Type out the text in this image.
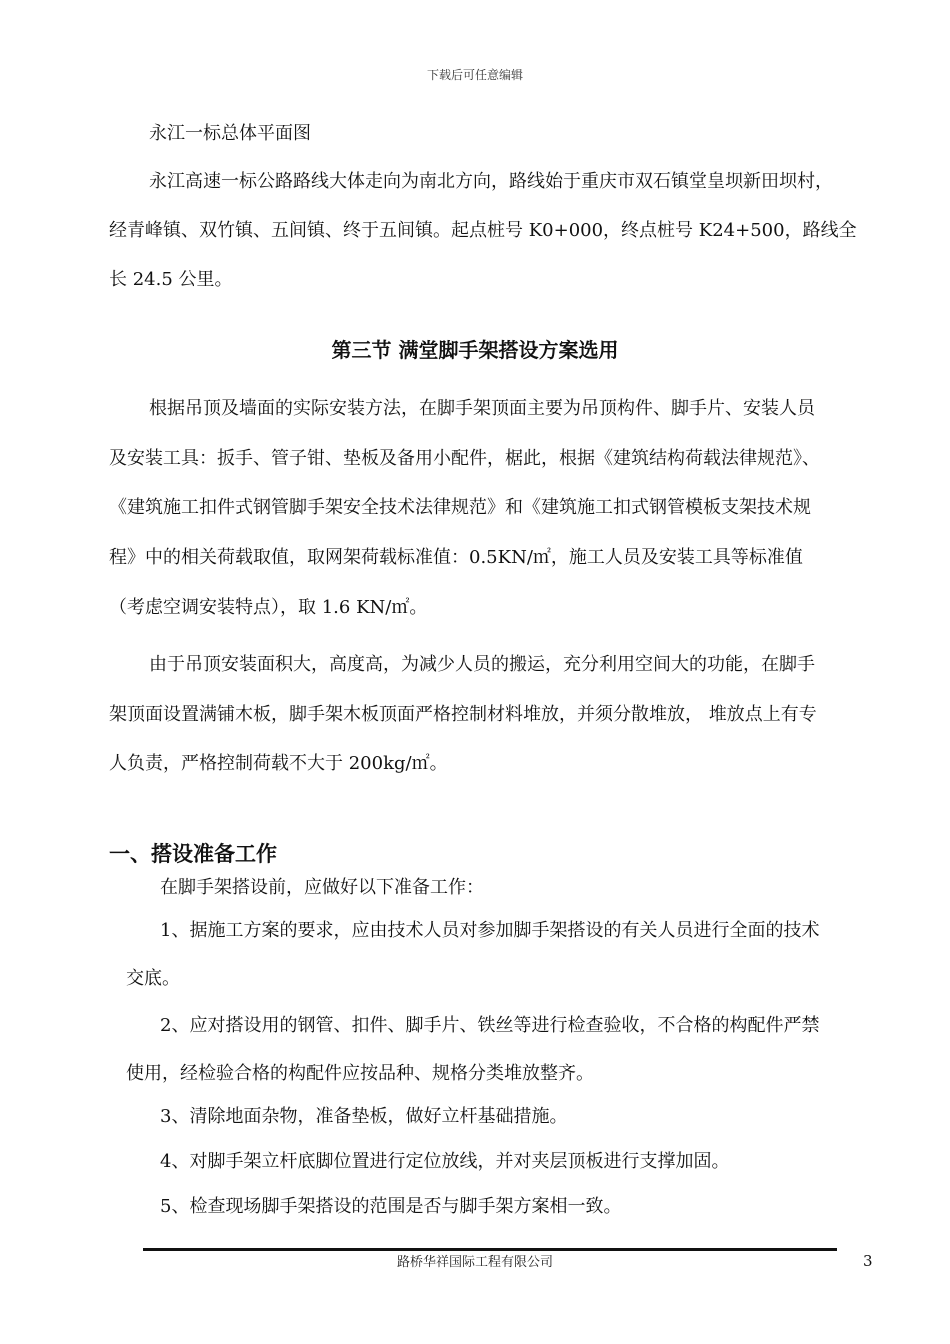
下载后可任意编辑
永江一标总体平面图
永江高速一标公路路线大体走向为南北方向，路线始于重庆市双石镇堂皇坝新田坝村，
经青峰镇、双竹镇、五间镇、终于五间镇。起点桩号 K0+000，终点桩号 K24+500，路线全
长 24.5 公里。
第三节 满堂脚手架搭设方案选用
根据吊顶及墙面的实际安装方法，在脚手架顶面主要为吊顶构件、脚手片、安装人员
及安装工具：扳手、管子钳、垫板及备用小配件，椐此，根据《建筑结构荷载法律规范》、
《建筑施工扣件式钢管脚手架安全技术法律规范》和《建筑施工扣式钢管模板支架技术规
程》中的相关荷载取值，取网架荷载标准值：0.5KN/㎡，施工人员及安装工具等标准值
（考虑空调安装特点），取 1.6 KN/㎡。
由于吊顶安装面积大，高度高，为减少人员的搬运，充分利用空间大的功能，在脚手
架顶面设置满铺木板，脚手架木板顶面严格控制材料堆放，并须分散堆放， 堆放点上有专
人负责，严格控制荷载不大于 200kg/㎡。
一、搭设准备工作
在脚手架搭设前，应做好以下准备工作：
1、据施工方案的要求，应由技术人员对参加脚手架搭设的有关人员进行全面的技术
交底。
2、应对搭设用的钢管、扣件、脚手片、铁丝等进行检查验收，不合格的构配件严禁
使用，经检验合格的构配件应按品种、规格分类堆放整齐。
3、清除地面杂物，准备垫板，做好立杆基础措施。
4、对脚手架立杆底脚位置进行定位放线，并对夹层顶板进行支撑加固。
5、检查现场脚手架搭设的范围是否与脚手架方案相一致。
路桥华祥国际工程有限公司	3
